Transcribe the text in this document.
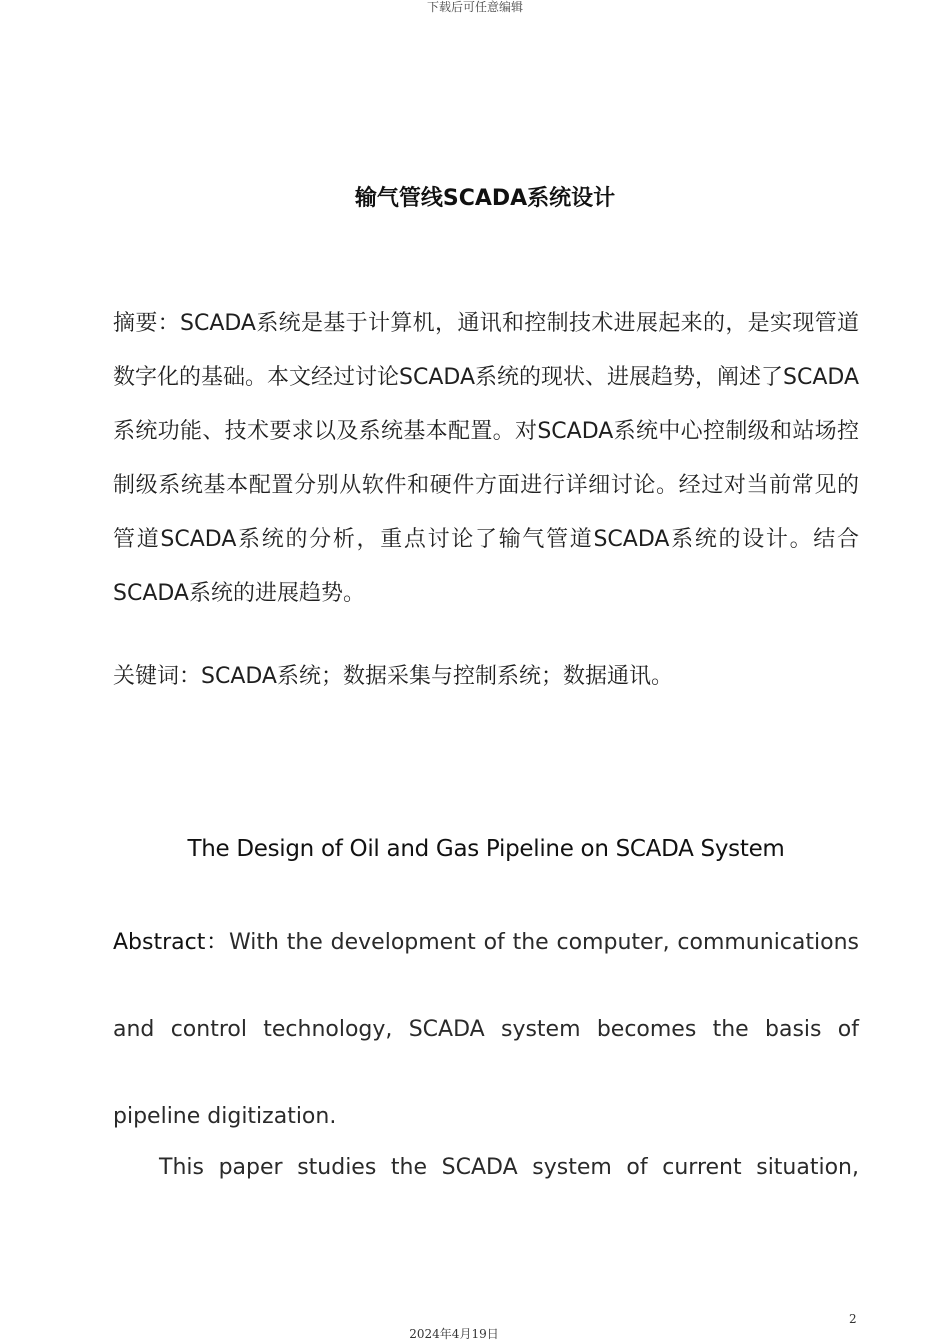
下载后可任意编辑
输气管线SCADA系统设计

摘要：SCADA系统是基于计算机，通讯和控制技术进展起来的，是实现管道数字化的基础。本文经过讨论SCADA系统的现状、进展趋势，阐述了SCADA系统功能、技术要求以及系统基本配置。对SCADA系统中心控制级和站场控制级系统基本配置分别从软件和硬件方面进行详细讨论。经过对当前常见的管道SCADA系统的分析，重点讨论了输气管道SCADA系统的设计。结合SCADA系统的进展趋势。

关键词：SCADA系统；数据采集与控制系统；数据通讯。

The Design of Oil and Gas Pipeline on SCADA System

Abstract：With the development of the computer, communications and control technology, SCADA system becomes the basis of pipeline digitization.

This paper studies the SCADA system of current situation,

2
2024年4月19日
